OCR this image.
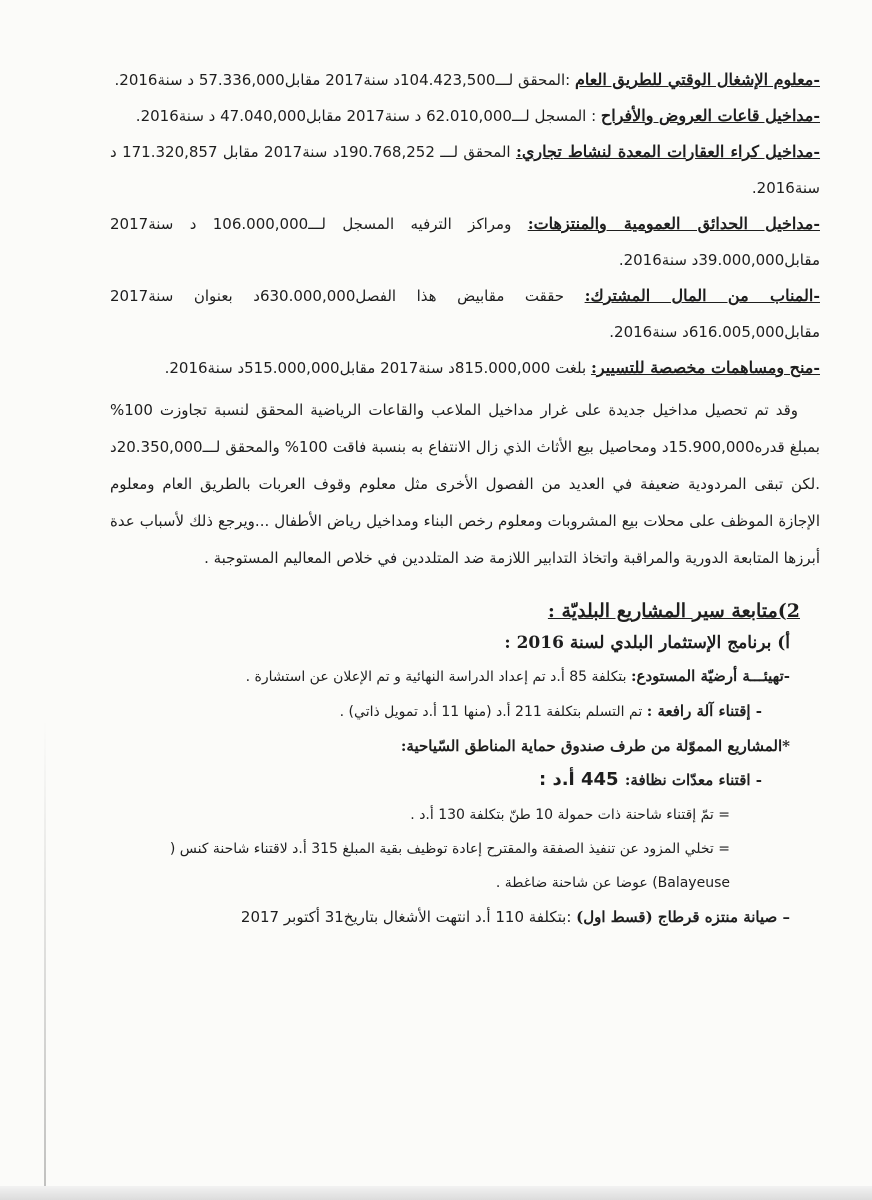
-معلوم الإشغال الوقتي للطريق العام :المحقق لـــ104.423,500د سنة2017 مقابل57.336,000 د سنة2016.

-مداخيل قاعات العروض والأفراح : المسجل لـــ62.010,000 د سنة2017 مقابل47.040,000 د سنة2016.

-مداخيل كراء العقارات المعدة لنشاط تجاري: المحقق لـــ 190.768,252د سنة2017 مقابل 171.320,857 د سنة2016.

-مداخيل الحدائق العمومية والمنتزهات: ومراكز الترفيه المسجل لـــ106.000,000 د سنة2017 مقابل39.000,000د سنة2016.

-المناب من المال المشترك: حققت مقابيض هذا الفصل630.000,000د بعنوان سنة2017 مقابل616.005,000د سنة2016.

-منح ومساهمات مخصصة للتسيير: بلغت 815.000,000د سنة2017 مقابل515.000,000د سنة2016.

وقد تم تحصيل مداخيل جديدة على غرار مداخيل الملاعب والقاعات الرياضية المحقق لنسبة تجاوزت 100% بمبلغ قدره15.900,000د ومحاصيل بيع الأثاث الذي زال الانتفاع به بنسبة فاقت 100% والمحقق لـــ20.350,000د .لكن تبقى المردودية ضعيفة في العديد من الفصول الأخرى مثل معلوم وقوف العربات بالطريق العام ومعلوم الإجازة الموظف على محلات بيع المشروبات ومعلوم رخص البناء ومداخيل رياض الأطفال ...ويرجع ذلك لأسباب عدة أبرزها المتابعة الدورية والمراقبة واتخاذ التدابير اللازمة ضد المتلددين في خلاص المعاليم المستوجبة .

2)متابعة سير المشاريع البلديّة :
أ) برنامج الإستثمار البلدي لسنة 2016 :

-تهيئـــة أرضيّة المستودع: بتكلفة 85 أ.د تم إعداد الدراسة النهائية و تم الإعلان عن استشارة .

- إقتناء آلة رافعة : تم التسلم بتكلفة 211 أ.د (منها 11 أ.د تمويل ذاتي) .

*المشاريع المموّلة من طرف صندوق حماية المناطق السّياحية:

- اقتناء معدّات نظافة: 445 أ.د :

= تمّ إقتناء شاحنة ذات حمولة 10 طنّ بتكلفة 130 أ.د .

= تخلي المزود عن تنفيذ الصفقة والمقترح إعادة توظيف بقية المبلغ 315 أ.د لاقتناء شاحنة كنس ( Balayeuse) عوضا عن شاحنة ضاغطة .

– صيانة منتزه قرطاج (قسط اول) :بتكلفة 110 أ.د انتهت الأشغال بتاريخ31 أكتوبر 2017
